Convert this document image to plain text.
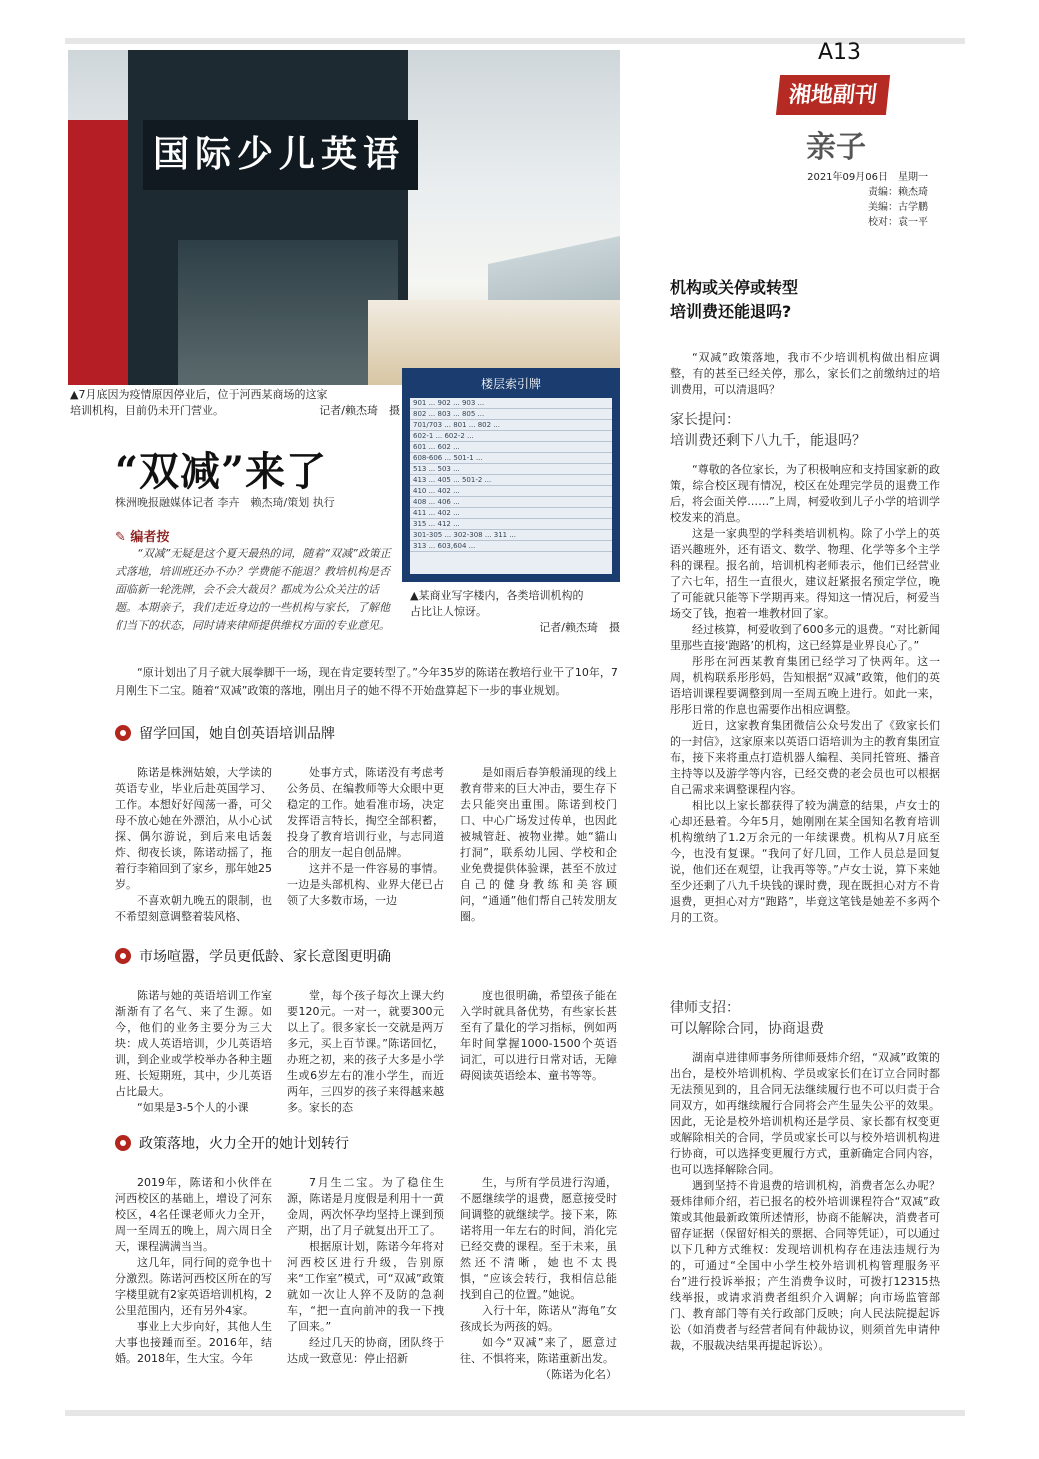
国际少儿英语
▲7月底因为疫情原因停业后，位于河西某商场的这家
培训机构，目前仍未开门营业。	记者/赖杰琦　摄
楼层索引牌
901 ... 902 ... 903 ...
802 ... 803 ... 805 ...
701/703 ... 801 ... 802 ...
602-1 ... 602-2 ...
601 ... 602 ...
608-606 ... 501-1 ...
513 ... 503 ...
413 ... 405 ... 501-2 ...
410 ... 402 ...
408 ... 406 ...
411 ... 402 ...
315 ... 412 ...
301-305 ... 302-308 ... 311 ...
313 ... 603,604 ...
▲某商业写字楼内，各类培训机构的
占比让人惊讶。
记者/赖杰琦　摄
“双减”来了
株洲晚报融媒体记者 李卉　赖杰琦/策划 执行
✎ 编者按
“双减”无疑是这个夏天最热的词，随着“双减”政策正式落地，培训班还办不办？学费能不能退？教培机构是否面临新一轮洗牌，会不会大裁员？都成为公众关注的话题。本期亲子，我们走近身边的一些机构与家长，了解他们当下的状态，同时请来律师提供维权方面的专业意见。
“原计划出了月子就大展拳脚干一场，现在肯定要转型了。”今年35岁的陈诺在教培行业干了10年，7月刚生下二宝。随着“双减”政策的落地，刚出月子的她不得不开始盘算起下一步的事业规划。
留学回国，她自创英语培训品牌

陈诺是株洲姑娘，大学读的英语专业，毕业后赴英国学习、工作。本想好好闯荡一番，可父母不放心她在外漂泊，从小心试探、偶尔游说，到后来电话轰炸、彻夜长谈，陈诺动摇了，拖着行李箱回到了家乡，那年她25岁。

不喜欢朝九晚五的限制，也不希望刻意调整着装风格、

处事方式，陈诺没有考虑考公务员、在编教师等大众眼中更稳定的工作。她看准市场，决定发挥语言特长，掏空全部积蓄，投身了教育培训行业，与志同道合的朋友一起自创品牌。

这并不是一件容易的事情。一边是头部机构、业界大佬已占领了大多数市场，一边

是如雨后春笋般涌现的线上教育带来的巨大冲击，要生存下去只能突出重围。陈诺到校门口、中心广场发过传单，也因此被城管赶、被物业撵。她“貓山打洞”，联系幼儿园、学校和企业免费提供体验课，甚至不放过自己的健身教练和美容顾问，“通通”他们帮自己转发朋友圈。

市场喧嚣，学员更低龄、家长意图更明确

陈诺与她的英语培训工作室渐渐有了名气、来了生源。如今，他们的业务主要分为三大块：成人英语培训，少儿英语培训，到企业或学校举办各种主题班、长短期班，其中，少儿英语占比最大。

“如果是3-5个人的小课

堂，每个孩子每次上课大约要120元。一对一，就要300元以上了。很多家长一交就是两万多元，买上百节课。”陈诺回忆，办班之初，来的孩子大多是小学生或6岁左右的准小学生，而近两年，三四岁的孩子来得越来越多。家长的态

度也很明确，希望孩子能在入学时就具备优势，有些家长甚至有了量化的学习指标，例如两年时间掌握1000-1500个英语词汇，可以进行日常对话，无障碍阅读英语绘本、童书等等。

政策落地，火力全开的她计划转行

2019年，陈诺和小伙伴在河西校区的基础上，增设了河东校区，4名任课老师火力全开，周一至周五的晚上，周六周日全天，课程满满当当。

这几年，同行间的竞争也十分激烈。陈诺河西校区所在的写字楼里就有2家英语培训机构，2公里范围内，还有另外4家。

事业上大步向好，其他人生大事也接踵而至。2016年，结婚。2018年，生大宝。今年

7月生二宝。为了稳住生源，陈诺是月度假是利用十一黄金周，两次怀孕均坚持上课到预产期，出了月子就复出开工了。

根据原计划，陈诺今年将对河西校区进行升级，告别原来“工作室”模式，可“双减”政策就如一次让人猝不及防的急刹车，“把一直向前冲的我一下拽了回来。”

经过几天的协商，团队终于达成一致意见：停止招新

生，与所有学员进行沟通，不愿继续学的退费，愿意接受时间调整的就继续学。接下来，陈诺将用一年左右的时间，消化完已经交费的课程。至于未来，虽然还不清晰，她也不太畏惧，“应该会转行，我相信总能找到自己的位置。”她说。

入行十年，陈诺从“海龟”女孩成长为两孩的妈。

如今“双减”来了，愿意过往、不惧将来，陈诺重新出发。

（陈诺为化名）

A13
湘地副刊
亲子
2021年09月06日　星期一
责编：赖杰琦
美编：古学鹏
校对：袁一平
机构或关停或转型
培训费还能退吗?

“双减”政策落地，我市不少培训机构做出相应调整，有的甚至已经关停，那么，家长们之前缴纳过的培训费用，可以清退吗？

家长提问：
培训费还剩下八九千，能退吗？

“尊敬的各位家长，为了积极响应和支持国家新的政策，综合校区现有情况，校区在处理完学员的退费工作后，将会面关停……”上周，柯爱收到儿子小学的培训学校发来的消息。

这是一家典型的学科类培训机构。除了小学上的英语兴趣班外，还有语文、数学、物理、化学等多个主学科的课程。报名前，培训机构老师表示，他们已经营业了六七年，招生一直很火，建议赶紧报名预定学位，晚了可能就只能等下学期再来。得知这一情况后，柯爱当场交了钱，抱着一堆教材回了家。

经过核算，柯爱收到了600多元的退费。“对比新闻里那些直接‘跑路’的机构，这已经算是业界良心了。”

彤彤在河西某教育集团已经学习了快两年。这一周，机构联系彤彤妈，告知根据“双减”政策，他们的英语培训课程要调整到周一至周五晚上进行。如此一来，彤彤日常的作息也需要作出相应调整。

近日，这家教育集团微信公众号发出了《致家长们的一封信》，这家原来以英语口语培训为主的教育集团宣布，接下来将重点打造机器人编程、美同托管班、播音主持等以及游学等内容，已经交费的老会员也可以根据自己需求来调整课程内容。

相比以上家长都获得了较为满意的结果，卢女士的心却还悬着。今年5月，她刚刚在某全国知名教育培训机构缴纳了1.2万余元的一年续课费。机构从7月底至今，也没有复课。“我问了好几回，工作人员总是回复说，他们还在观望，让我再等等。”卢女士说，算下来她至少还剩了八九千块钱的课时费，现在既担心对方不肯退费，更担心对方“跑路”，毕竟这笔钱是她差不多两个月的工资。

律师支招：
可以解除合同，协商退费

湖南卓进律师事务所律师聂炜介绍，“双减”政策的出台，是校外培训机构、学员或家长们在订立合同时都无法预见到的，且合同无法继续履行也不可以归责于合同双方，如再继续履行合同将会产生显失公平的效果。因此，无论是校外培训机构还是学员、家长都有权变更或解除相关的合同，学员或家长可以与校外培训机构进行协商，可以选择变更履行方式，重新确定合同内容，也可以选择解除合同。

遇到坚持不肯退费的培训机构，消费者怎么办呢？聂炜律师介绍，若已报名的校外培训课程符合“双减”政策或其他最新政策所述情形，协商不能解决，消费者可留存证据（保留好相关的票据、合同等凭证），可以通过以下几种方式维权：发现培训机构存在违法违规行为的，可通过“全国中小学生校外培训机构管理服务平台”进行投诉举报；产生消费争议时，可拨打12315热线举报，或请求消费者组织介入调解；向市场监管部门、教育部门等有关行政部门反映；向人民法院提起诉讼（如消费者与经营者间有仲裁协议，则须首先申请仲裁，不服裁决结果再提起诉讼）。
